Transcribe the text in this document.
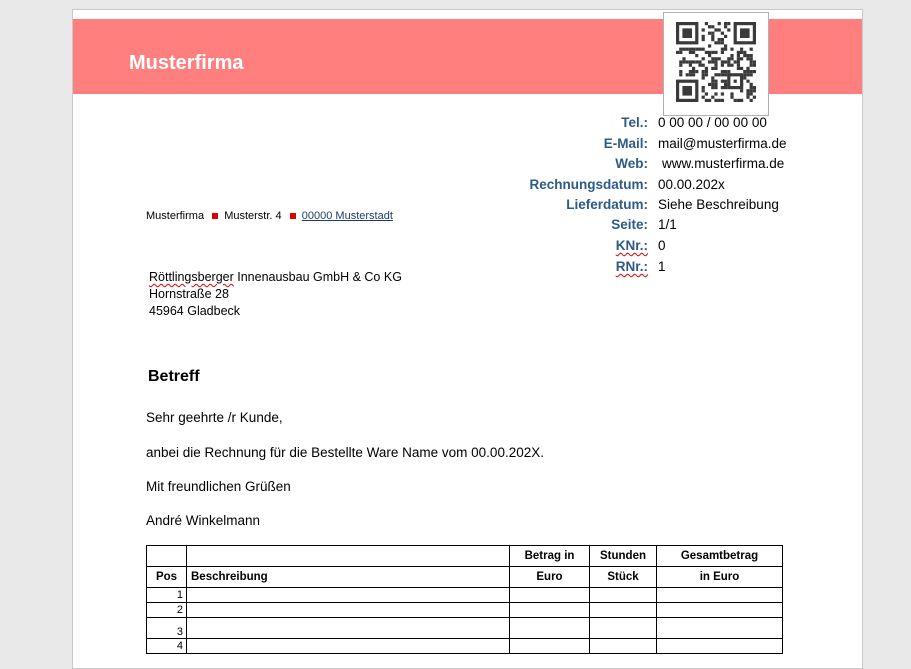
Musterfirma
Tel.: 0 00 00 / 00 00 00
E-Mail: mail@musterfirma.de
Web: www.musterfirma.de
Rechnungsdatum: 00.00.202x
Lieferdatum: Siehe Beschreibung
Seite: 1/1
KNr.: 0
RNr.: 1
Musterfirma Musterstr. 4 00000 Musterstadt
Röttlingsberger Innenausbau GmbH & Co KG
Hornstraße 28
45964 Gladbeck
Betreff
Sehr geehrte /r Kunde,
anbei die Rechnung für die Bestellte Ware Name vom 00.00.202X.
Mit freundlichen Grüßen
André Winkelmann
		Betrag in	Stunden	Gesamtbetrag
Pos	Beschreibung	Euro	Stück	in Euro
1				
2				
3				
4				
